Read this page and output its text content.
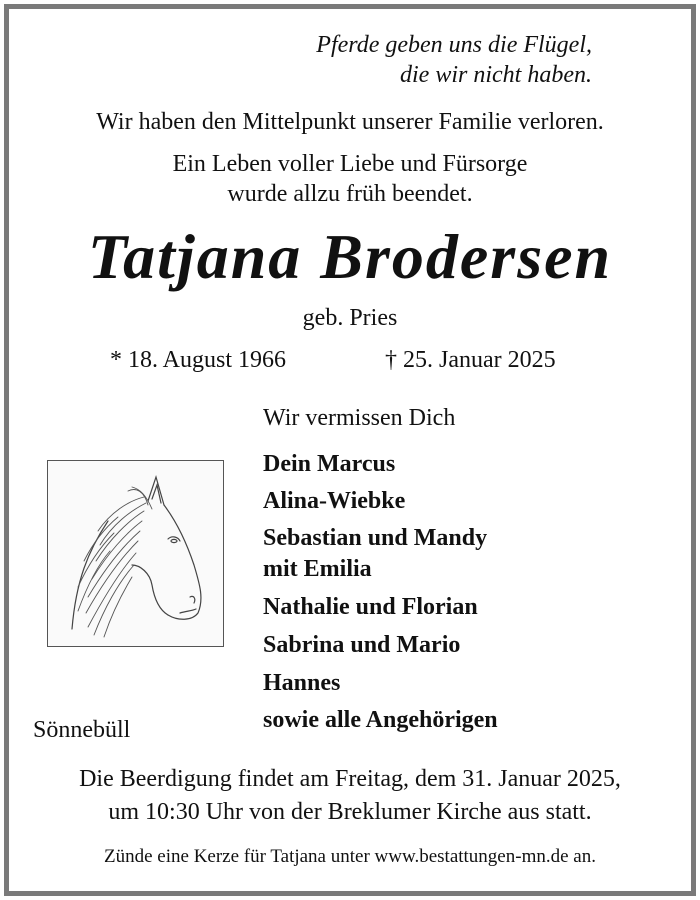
Pferde geben uns die Flügel,
die wir nicht haben.
Wir haben den Mittelpunkt unserer Familie verloren.
Ein Leben voller Liebe und Fürsorge
wurde allzu früh beendet.
Tatjana Brodersen
geb. Pries
* 18. August 1966	† 25. Januar 2025
Wir vermissen Dich
Dein Marcus
Alina-Wiebke
Sebastian und Mandy
mit Emilia
Nathalie und Florian
Sabrina und Mario
Hannes
sowie alle Angehörigen
Sönnebüll
Die Beerdigung findet am Freitag, dem 31. Januar 2025,
um 10:30 Uhr von der Breklumer Kirche aus statt.
Zünde eine Kerze für Tatjana unter www.bestattungen-mn.de an.
